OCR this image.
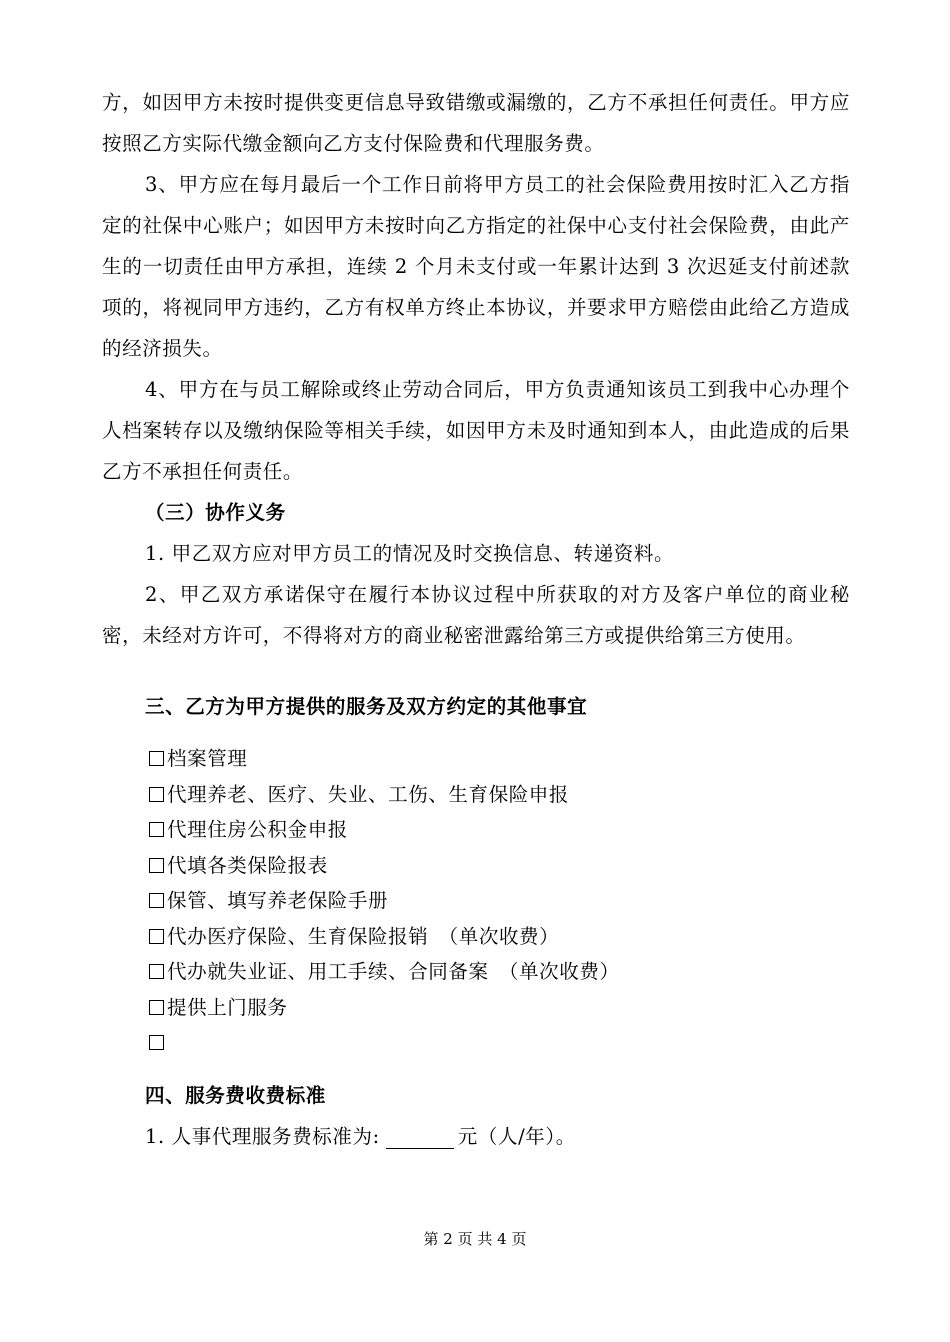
方，如因甲方未按时提供变更信息导致错缴或漏缴的，乙方不承担任何责任。甲方应按照乙方实际代缴金额向乙方支付保险费和代理服务费。

3、甲方应在每月最后一个工作日前将甲方员工的社会保险费用按时汇入乙方指定的社保中心账户；如因甲方未按时向乙方指定的社保中心支付社会保险费，由此产生的一切责任由甲方承担，连续 2 个月未支付或一年累计达到 3 次迟延支付前述款项的，将视同甲方违约，乙方有权单方终止本协议，并要求甲方赔偿由此给乙方造成的经济损失。

4、甲方在与员工解除或终止劳动合同后，甲方负责通知该员工到我中心办理个人档案转存以及缴纳保险等相关手续，如因甲方未及时通知到本人，由此造成的后果乙方不承担任何责任。

（三）协作义务

1. 甲乙双方应对甲方员工的情况及时交换信息、转递资料。

2、甲乙双方承诺保守在履行本协议过程中所获取的对方及客户单位的商业秘密，未经对方许可，不得将对方的商业秘密泄露给第三方或提供给第三方使用。

三、乙方为甲方提供的服务及双方约定的其他事宜

档案管理
代理养老、医疗、失业、工伤、生育保险申报
代理住房公积金申报
代填各类保险报表
保管、填写养老保险手册
代办医疗保险、生育保险报销　（单次收费）
代办就失业证、用工手续、合同备案　（单次收费）
提供上门服务

四、服务费收费标准

1. 人事代理服务费标准为:	元（人/年）。

第 2 页 共 4 页
